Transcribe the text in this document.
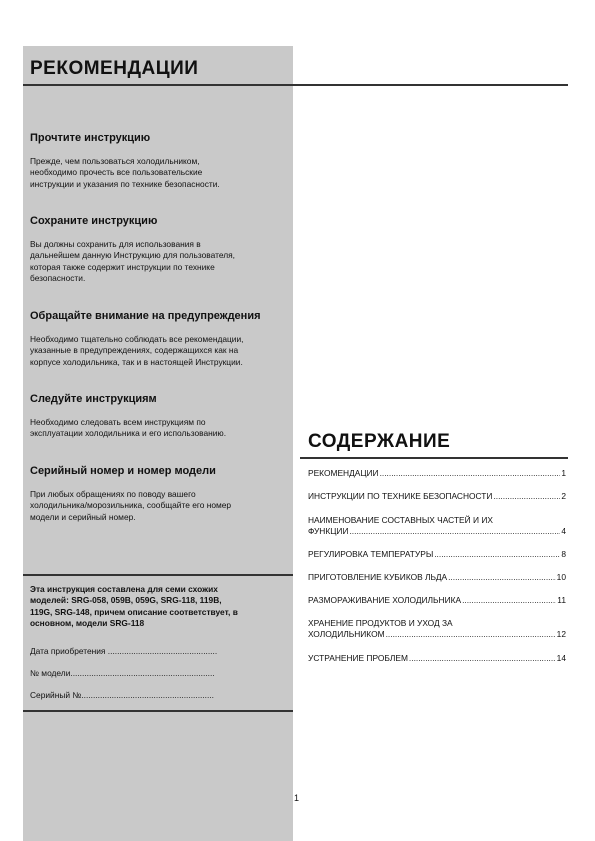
РЕКОМЕНДАЦИИ
Прочтите инструкцию

Прежде, чем пользоваться холодильником,
необходимо прочесть все пользовательские
инструкции и указания по технике безопасности.

Сохраните инструкцию

Вы должны сохранить для использования в
дальнейшем данную Инструкцию для пользователя,
которая также содержит инструкции по технике
безопасности.

Обращайте внимание на предупреждения

Необходимо тщательно соблюдать все рекомендации,
указанные в предупреждениях, содержащихся как на
корпусе холодильника, так и в настоящей Инструкции.

Следуйте инструкциям

Необходимо следовать всем инструкциям по
эксплуатации холодильника и его использованию.

Серийный номер и номер модели

При любых обращениях по поводу вашего
холодильника/морозильника, сообщайте его номер
модели и серийный номер.

Эта инструкция составлена для семи схожих
моделей: SRG-058, 059B, 059G, SRG-118, 119B,
119G, SRG-148, причем описание соответствует, в
основном, модели SRG-118

Дата приобретения ...............................................

№ модели..............................................................

Серийный №.........................................................

СОДЕРЖАНИЕ
РЕКОМЕНДАЦИИ .....	1
ИНСТРУКЦИИ ПО ТЕХНИКЕ БЕЗОПАСНОСТИ .....	2
НАИМЕНОВАНИЕ СОСТАВНЫХ ЧАСТЕЙ И ИХ
ФУНКЦИИ .....	4
РЕГУЛИРОВКА ТЕМПЕРАТУРЫ .....	8
ПРИГОТОВЛЕНИЕ КУБИКОВ ЛЬДА .....	10
РАЗМОРАЖИВАНИЕ ХОЛОДИЛЬНИКА .....	11
ХРАНЕНИЕ ПРОДУКТОВ И УХОД ЗА
ХОЛОДИЛЬНИКОМ .....	12
УСТРАНЕНИЕ ПРОБЛЕМ .....	14
1
